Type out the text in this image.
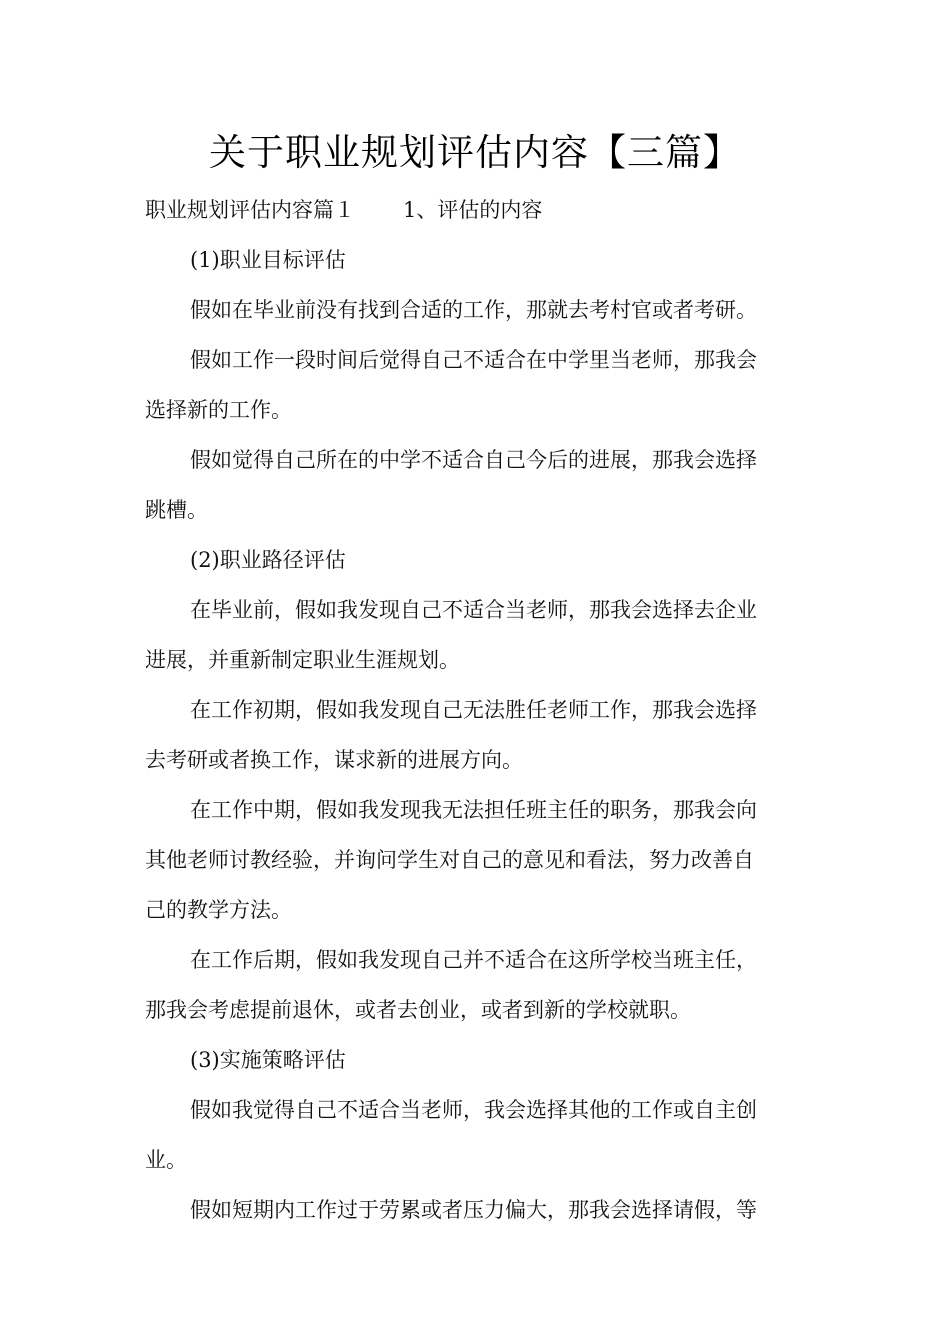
关于职业规划评估内容【三篇】
职业规划评估内容篇１ 1、评估的内容
(1)职业目标评估
假如在毕业前没有找到合适的工作，那就去考村官或者考研。
假如工作一段时间后觉得自己不适合在中学里当老师，那我会
选择新的工作。
假如觉得自己所在的中学不适合自己今后的进展，那我会选择
跳槽。
(2)职业路径评估
在毕业前，假如我发现自己不适合当老师，那我会选择去企业
进展，并重新制定职业生涯规划。
在工作初期，假如我发现自己无法胜任老师工作，那我会选择
去考研或者换工作，谋求新的进展方向。
在工作中期，假如我发现我无法担任班主任的职务，那我会向
其他老师讨教经验，并询问学生对自己的意见和看法，努力改善自
己的教学方法。
在工作后期，假如我发现自己并不适合在这所学校当班主任，
那我会考虑提前退休，或者去创业，或者到新的学校就职。
(3)实施策略评估
假如我觉得自己不适合当老师，我会选择其他的工作或自主创
业。
假如短期内工作过于劳累或者压力偏大，那我会选择请假，等
